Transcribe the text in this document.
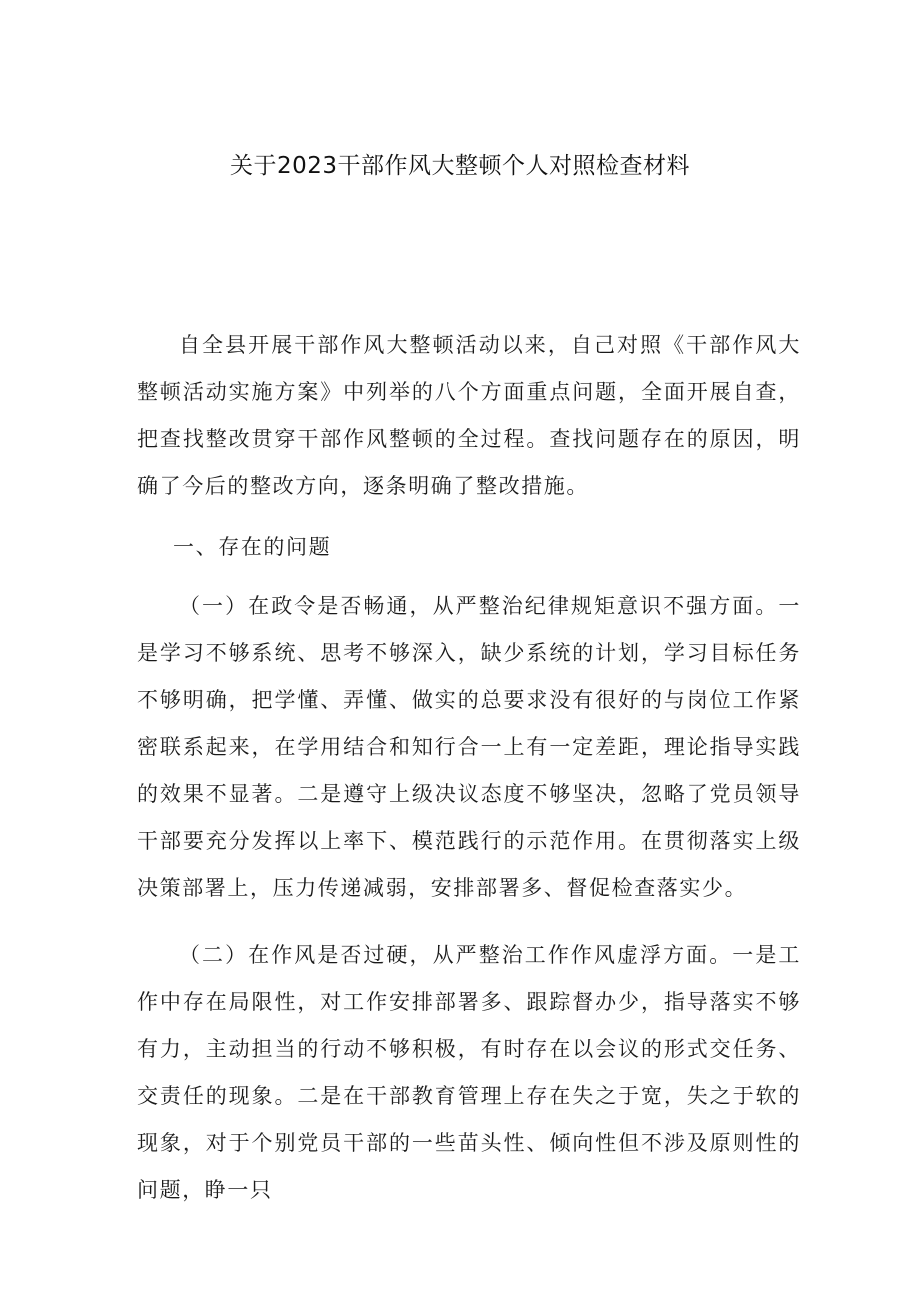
关于2023干部作风大整顿个人对照检查材料
自全县开展干部作风大整顿活动以来，自己对照《干部作风大整顿活动实施方案》中列举的八个方面重点问题，全面开展自查，把查找整改贯穿干部作风整顿的全过程。查找问题存在的原因，明确了今后的整改方向，逐条明确了整改措施。
一、存在的问题
（一）在政令是否畅通，从严整治纪律规矩意识不强方面。一是学习不够系统、思考不够深入，缺少系统的计划，学习目标任务不够明确，把学懂、弄懂、做实的总要求没有很好的与岗位工作紧密联系起来，在学用结合和知行合一上有一定差距，理论指导实践的效果不显著。二是遵守上级决议态度不够坚决，忽略了党员领导干部要充分发挥以上率下、模范践行的示范作用。在贯彻落实上级决策部署上，压力传递减弱，安排部署多、督促检查落实少。
（二）在作风是否过硬，从严整治工作作风虚浮方面。一是工作中存在局限性，对工作安排部署多、跟踪督办少，指导落实不够有力，主动担当的行动不够积极，有时存在以会议的形式交任务、交责任的现象。二是在干部教育管理上存在失之于宽，失之于软的现象，对于个别党员干部的一些苗头性、倾向性但不涉及原则性的问题，睁一只
